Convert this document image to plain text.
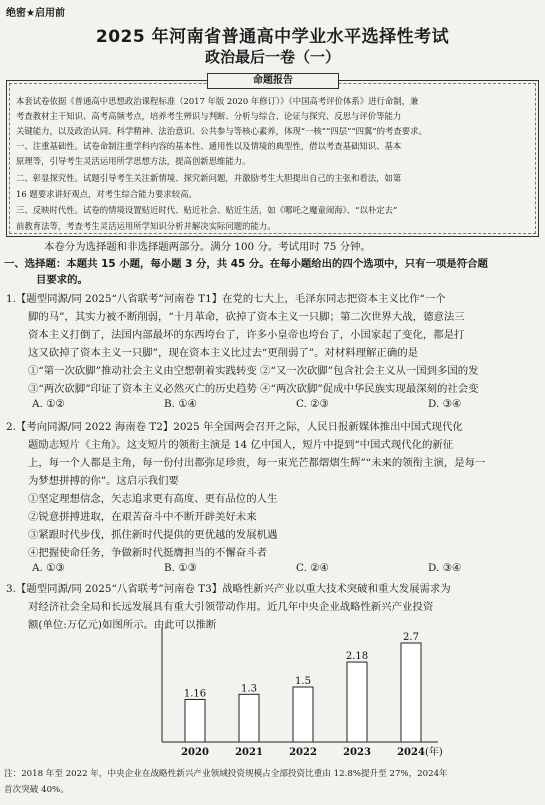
绝密★启用前
2025 年河南省普通高中学业水平选择性考试
政治最后一卷（一）
命题报告
本套试卷依据《普通高中思想政治课程标准（2017 年版 2020 年修订）》《中国高考评价体系》进行命制，兼
考查教材主干知识、高考高频考点，培养考生辨识与判断、分析与综合、论证与探究、反思与评价等能力
关键能力，以及政治认同、科学精神、法治意识、公共参与等核心素养，体现“一核”“四层”“四翼”的考查要求。
一、注重基础性。试卷命制注重学科内容的基本性、通用性以及情境的典型性，借以考查基础知识、基本
原理等，引导考生灵活运用所学思想方法，提高创新思维能力。
二、彰显探究性。试题引导考生关注新情境、探究新问题，并激励考生大胆提出自己的主张和看法，如第
16 题要求讲好观点，对考生综合能力要求较高。
三、反映时代性。试卷的情境设置贴近时代、贴近社会、贴近生活，如《哪吒之魔童闹海》、“以朴定去”
前教育法等，考查考生灵活运用所学知识分析并解决实际问题的能力。
本卷分为选择题和非选择题两部分。满分 100 分。考试用时 75 分钟。
一、选择题：本题共 15 小题，每小题 3 分，共 45 分。在每小题给出的四个选项中，只有一项是符合题
目要求的。
1.【题型同源/同 2025“八省联考”河南卷 T1】在党的七大上，毛泽东同志把资本主义比作“一个
脚的马”，其实力被不断削弱，“十月革命，砍掉了资本主义一只脚；第二次世界大战，德意法三
资本主义打倒了，法国内部最坏的东西垮台了，许多小皇帝也垮台了，小国家起了变化，都是打
这又砍掉了资本主义一只脚”，现在资本主义比过去“更削弱了”。对材料理解正确的是
①“第一次砍脚”推动社会主义由空想朝着实践转变 ②“又一次砍脚”包含社会主义从一国到多国的发
③“两次砍脚”印证了资本主义必然灭亡的历史趋势 ④“两次砍脚”促成中华民族实现最深刻的社会变
A. ①②	B. ①④	C. ②③	D. ③④
2.【考向同源/同 2022 海南卷 T2】2025 年全国两会召开之际，人民日报新媒体推出中国式现代化
题励志短片《主角》。这支短片的领衔主演是 14 亿中国人，短片中提到“中国式现代化的新征
上，每一个人都是主角，每一份付出都弥足珍贵，每一束光芒都熠熠生辉”“未来的领衔主演，是每一
为梦想拼搏的你”。这启示我们要
①坚定理想信念，矢志追求更有高度、更有品位的人生
②锐意拼搏进取，在艰苦奋斗中不断开辟美好未来
③紧跟时代步伐，抓住新时代提供的更优越的发展机遇
④把握使命任务，争做新时代挺膺担当的不懈奋斗者
A. ①③	B. ①③	C. ②④	D. ③④
3.【题型同源/同 2025“八省联考”河南卷 T3】战略性新兴产业以重大技术突破和重大发展需求为
对经济社会全局和长远发展具有重大引领带动作用。近几年中央企业战略性新兴产业投资
额(单位:万亿元)如图所示。由此可以推断
1.16
2020
1.3
2021
1.5
2022
2.18
2023
2.7
2024 (年)
注：2018 年至 2022 年，中央企业在战略性新兴产业领域投资规模占全部投资比重由 12.8%提升至 27%，2024年
首次突破 40%。
